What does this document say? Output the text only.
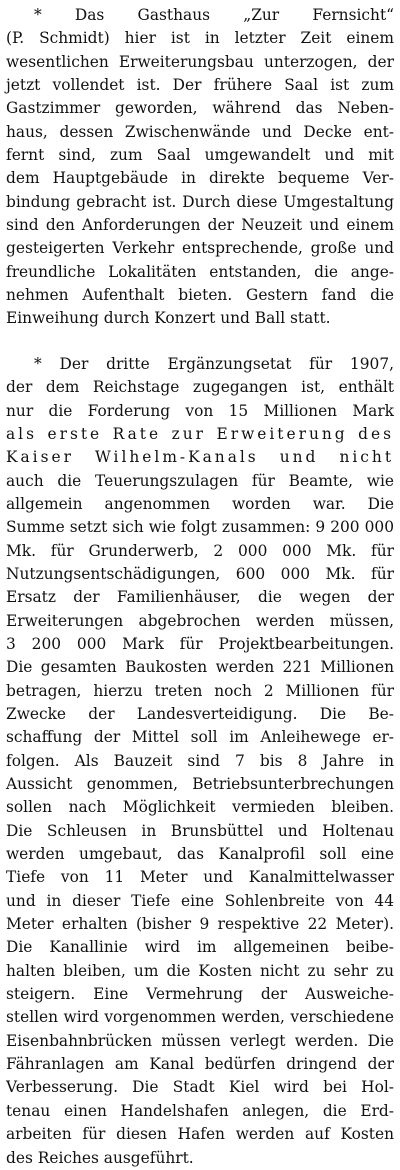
* Das Gasthaus „Zur Fernsicht“
(P. Schmidt) hier ist in letzter Zeit einem
wesentlichen Erweiterungsbau unterzogen, der
jetzt vollendet ist. Der frühere Saal ist zum
Gastzimmer geworden, während das Neben-
haus, dessen Zwischenwände und Decke ent-
fernt sind, zum Saal umgewandelt und mit
dem Hauptgebäude in direkte bequeme Ver-
bindung gebracht ist. Durch diese Umgestaltung
sind den Anforderungen der Neuzeit und einem
gesteigerten Verkehr entsprechende, große und
freundliche Lokalitäten entstanden, die ange-
nehmen Aufenthalt bieten. Gestern fand die
Einweihung durch Konzert und Ball statt.

* Der dritte Ergänzungsetat für 1907,
der dem Reichstage zugegangen ist, enthält
nur die Forderung von 15 Millionen Mark
als erste Rate zur Erweiterung des
Kaiser Wilhelm-Kanals und nicht
auch die Teuerungszulagen für Beamte, wie
allgemein angenommen worden war. Die
Summe setzt sich wie folgt zusammen: 9 200 000
Mk. für Grunderwerb, 2 000 000 Mk. für
Nutzungsentschädigungen, 600 000 Mk. für
Ersatz der Familienhäuser, die wegen der
Erweiterungen abgebrochen werden müssen,
3 200 000 Mark für Projektbearbeitungen.
Die gesamten Baukosten werden 221 Millionen
betragen, hierzu treten noch 2 Millionen für
Zwecke der Landesverteidigung. Die Be-
schaffung der Mittel soll im Anleihewege er-
folgen. Als Bauzeit sind 7 bis 8 Jahre in
Aussicht genommen, Betriebsunterbrechungen
sollen nach Möglichkeit vermieden bleiben.
Die Schleusen in Brunsbüttel und Holtenau
werden umgebaut, das Kanalprofil soll eine
Tiefe von 11 Meter und Kanalmittelwasser
und in dieser Tiefe eine Sohlenbreite von 44
Meter erhalten (bisher 9 respektive 22 Meter).
Die Kanallinie wird im allgemeinen beibe-
halten bleiben, um die Kosten nicht zu sehr zu
steigern. Eine Vermehrung der Ausweiche-
stellen wird vorgenommen werden, verschiedene
Eisenbahnbrücken müssen verlegt werden. Die
Fähranlagen am Kanal bedürfen dringend der
Verbesserung. Die Stadt Kiel wird bei Hol-
tenau einen Handelshafen anlegen, die Erd-
arbeiten für diesen Hafen werden auf Kosten
des Reiches ausgeführt.
